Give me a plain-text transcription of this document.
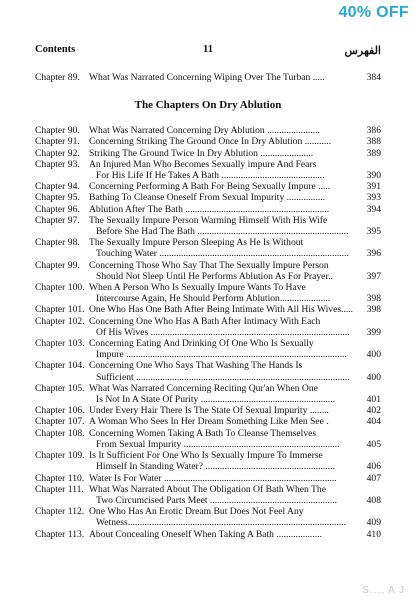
40% OFF
Contents	11	الفهرس
Chapter 89. What Was Narrated Concerning Wiping Over The Turban .....	384
The Chapters On Dry Ablution
Chapter 90. What Was Narrated Concerning Dry Ablution ......................	386
Chapter 91. Concerning Striking The Ground Once In Dry Ablution ...........	388
Chapter 92. Striking The Ground Twice In Dry Ablution ......................	389
Chapter 93. An Injured Man Who Becomes Sexually impure And Fears
For His Life If He Takes A Bath ...........................................	390
Chapter 94. Concerning Performing A Bath For Being Sexually Impure .....	391
Chapter 95. Bathing To Cleanse Oneself From Sexual Impurity ................	393
Chapter 96. Ablution After The Bath ............................................................	394
Chapter 97. The Sexually Impure Person Warming Himself With His Wife
Before She Had The Bath ...............................................................	395
Chapter 98. The Sexually Impure Person Sleeping As He Is Without
Touching Water ...............................................................................	396
Chapter 99. Concerning Those Who Say That The Sexually Impure Person
Should Not Sleep Until He Performs Ablution As For Prayer..	397
Chapter 100. When A Person Who Is Sexually Impure Wants To Have
Intercourse Again, He Should Perform Ablution.....................	398
Chapter 101. One Who Has One Bath After Being Intimate With All His Wives.....	398
Chapter 102. Concerning One Who Has A Bath After Intimacy With Each
Of His Wives ...................................................................................	399
Chapter 103. Concerning Eating And Drinking Of One Who Is Sexually
Impure ............................................................................................	400
Chapter 104. Concerning One Who Says That Washing The Hands Is
Sufficient .........................................................................................	400
Chapter 105. What Was Narrated Concerning Reciting Qur'an When One
Is Not In A State Of Purity ........................................................	401
Chapter 106. Under Every Hair There Is The State Of Sexual Impurity ........	402
Chapter 107. A Woman Who Sees In Her Dream Something Like Men See .	404
Chapter 108. Concerning Women Taking A Bath To Cleanse Themselves
From Sexual Impurity .................................................................	405
Chapter 109. Is It Sufficient For One Who Is Sexually Impure To Immerse
Himself In Standing Water? ......................................................	406
Chapter 110. Water Is For Water ........................................................................	407
Chapter 111. What Was Narrated About The Obligation Of Bath When The
Two Circumcised Parts Meet .....................................................	408
Chapter 112. One Who Has An Erotic Dream But Does Not Feel Any
Wetness...........................................................................................	409
Chapter 113. About Concealing Oneself When Taking A Bath ...................	410
S.... A J
